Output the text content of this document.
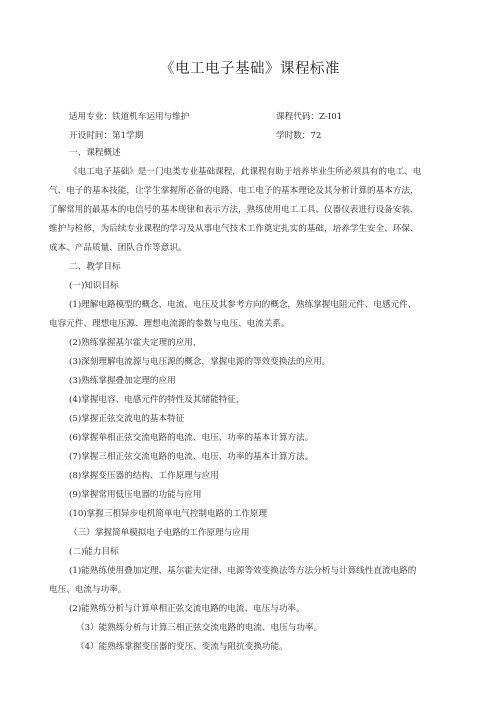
《电工电子基础》课程标准
适用专业：铁道机车运用与维护	课程代码：Z-I01
开设时间：第1学期	学时数：72
一、课程概述
《电工电子基础》是一门电类专业基础课程，此课程有助于培养毕业生所必须具有的电工、电
气、电子的基本技能，让学生掌握所必备的电路、电工电子的基本理论及其分析计算的基本方法，
了解常用的最基本的电信号的基本规律和表示方法，熟练使用电工工具、仪器仪表进行设备安装、
维护与检修，为后续专业课程的学习及从事电气技术工作奠定扎实的基础，培养学生安全、环保、
成本、产品质量、团队合作等意识。
二、教学目标
(一)知识目标
(1)理解电路模型的概念、电流、电压及其参考方向的概念，熟练掌握电阻元件、电感元件、
电容元件、理想电压源、理想电流源的参数与电压、电流关系。
(2)熟练掌握基尔霍夫定理的应用，
(3)深刻理解电流源与电压源的概念，掌握电源的等效变换法的应用。
(3)熟练掌握叠加定理的应用
(4)掌握电容、电感元件的特性及其储能特征，
(5)掌握正弦交流电的基本特征
(6)掌握单相正弦交流电路的电流、电压、功率的基本计算方法。
(7)掌握三相正弦交流电路的电流、电压、功率的基本计算方法。
(8)掌握变压器的结构、工作原理与应用
(9)掌握常用低压电器的功能与应用
(10)掌握三相异步电机简单电气控制电路的工作原理
（三）掌握简单模拟电子电路的工作原理与应用
(二)能力目标
(1)能熟练使用叠加定理、基尔霍夫定律、电源等效变换法等方法分析与计算线性直流电路的
电压、电流与功率。
(2)能熟练分析与计算单相正弦交流电路的电流、电压与功率。
（3）能熟练分析与计算三相正弦交流电路的电流、电压与功率。
（4）能熟练掌握变压器的变压、变流与阻抗变换功能。
